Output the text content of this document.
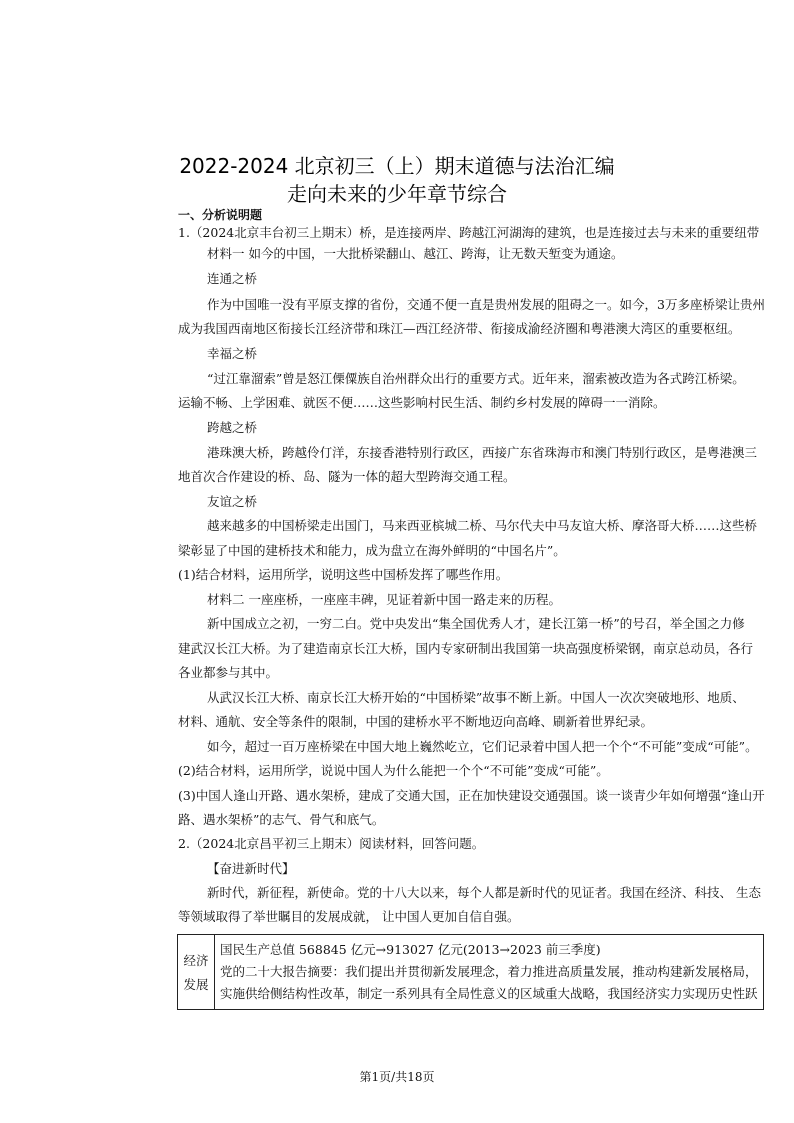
2022-2024 北京初三（上）期末道德与法治汇编
走向未来的少年章节综合
一、分析说明题
1.（2024北京丰台初三上期末）桥，是连接两岸、跨越江河湖海的建筑，也是连接过去与未来的重要纽带
材料一 如今的中国，一大批桥梁翻山、越江、跨海，让无数天堑变为通途。
连通之桥
作为中国唯一没有平原支撑的省份，交通不便一直是贵州发展的阻碍之一。如今，3万多座桥梁让贵州
成为我国西南地区衔接长江经济带和珠江—西江经济带、衔接成渝经济圈和粤港澳大湾区的重要枢纽。
幸福之桥
“过江靠溜索”曾是怒江傈僳族自治州群众出行的重要方式。近年来，溜索被改造为各式跨江桥梁。
运输不畅、上学困难、就医不便……这些影响村民生活、制约乡村发展的障碍一一消除。
跨越之桥
港珠澳大桥，跨越伶仃洋，东接香港特别行政区，西接广东省珠海市和澳门特别行政区，是粤港澳三
地首次合作建设的桥、岛、隧为一体的超大型跨海交通工程。
友谊之桥
越来越多的中国桥梁走出国门，马来西亚槟城二桥、马尔代夫中马友谊大桥、摩洛哥大桥……这些桥
梁彰显了中国的建桥技术和能力，成为盘立在海外鲜明的“中国名片”。
(1)结合材料，运用所学，说明这些中国桥发挥了哪些作用。
材料二 一座座桥，一座座丰碑，见证着新中国一路走来的历程。
新中国成立之初，一穷二白。党中央发出“集全国优秀人才，建长江第一桥”的号召，举全国之力修
建武汉长江大桥。为了建造南京长江大桥，国内专家研制出我国第一块高强度桥梁钢，南京总动员，各行
各业都参与其中。
从武汉长江大桥、南京长江大桥开始的“中国桥梁”故事不断上新。中国人一次次突破地形、地质、
材料、通航、安全等条件的限制，中国的建桥水平不断地迈向高峰、刷新着世界纪录。
如今，超过一百万座桥梁在中国大地上巍然屹立，它们记录着中国人把一个个“不可能”变成“可能”。
(2)结合材料，运用所学，说说中国人为什么能把一个个“不可能”变成“可能”。
(3)中国人逢山开路、遇水架桥，建成了交通大国，正在加快建设交通强国。谈一谈青少年如何增强“逢山开
路、遇水架桥”的志气、骨气和底气。
2.（2024北京昌平初三上期末）阅读材料，回答问题。
【奋进新时代】
新时代，新征程，新使命。党的十八大以来，每个人都是新时代的见证者。我国在经济、科技、 生态
等领域取得了举世瞩目的发展成就， 让中国人更加自信自强。
经济
发展

国民生产总值 568845 亿元→913027 亿元(2013→2023 前三季度)
党的二十大报告摘要：我们提出并贯彻新发展理念，着力推进高质量发展，推动构建新发展格局，
实施供给侧结构性改革，制定一系列具有全局性意义的区域重大战略，我国经济实力实现历史性跃
第1页/共18页
